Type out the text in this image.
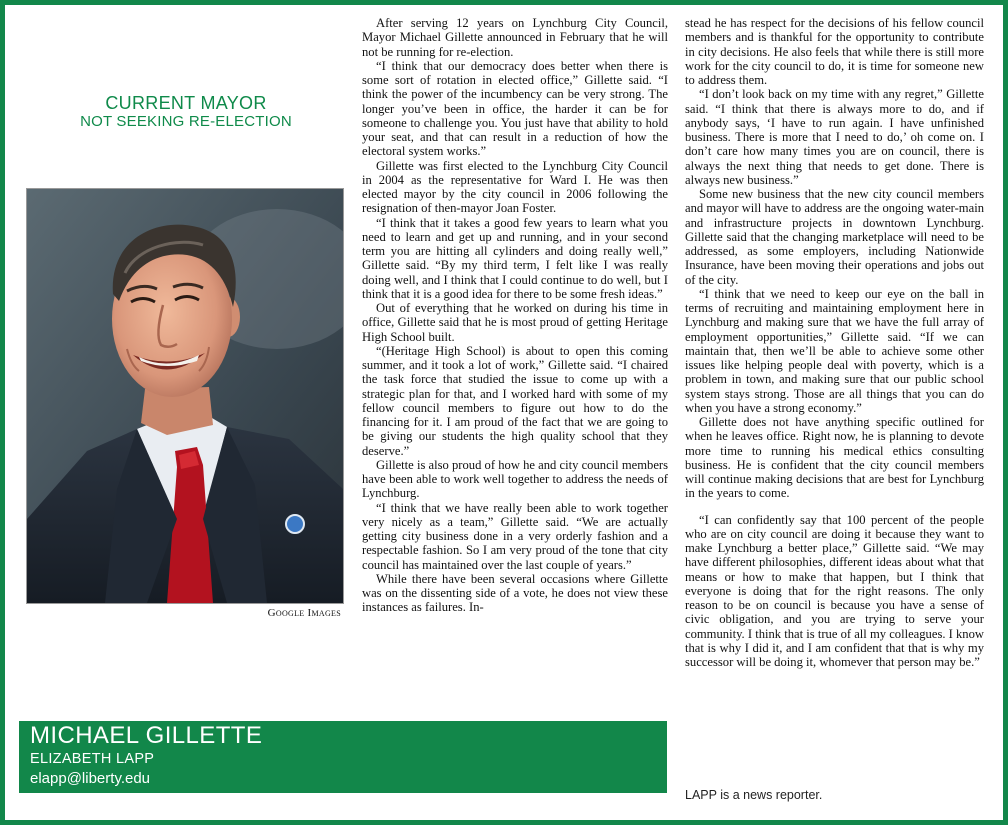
CURRENT MAYOR
NOT SEEKING RE-ELECTION
Google Images
MICHAEL GILLETTE
ELIZABETH LAPP
elapp@liberty.edu

After serving 12 years on Lynchburg City Council, Mayor Michael Gillette announced in February that he will not be running for re-election.

“I think that our democracy does better when there is some sort of rotation in elected office,” Gillette said. “I think the power of the incumbency can be very strong. The longer you’ve been in office, the harder it can be for someone to challenge you. You just have that ability to hold your seat, and that can result in a reduction of how the electoral system works.”

Gillette was first elected to the Lynchburg City Council in 2004 as the representative for Ward I. He was then elected mayor by the city council in 2006 following the resignation of then-mayor Joan Foster.

“I think that it takes a good few years to learn what you need to learn and get up and running, and in your second term you are hitting all cylinders and doing really well,” Gillette said. “By my third term, I felt like I was really doing well, and I think that I could continue to do well, but I think that it is a good idea for there to be some fresh ideas.”

Out of everything that he worked on during his time in office, Gillette said that he is most proud of getting Heritage High School built.

“(Heritage High School) is about to open this coming summer, and it took a lot of work,” Gillette said. “I chaired the task force that studied the issue to come up with a strategic plan for that, and I worked hard with some of my fellow council members to figure out how to do the financing for it. I am proud of the fact that we are going to be giving our students the high quality school that they deserve.”

Gillette is also proud of how he and city council members have been able to work well together to address the needs of Lynchburg.

“I think that we have really been able to work together very nicely as a team,” Gillette said. “We are actually getting city business done in a very orderly fashion and a respectable fashion. So I am very proud of the tone that city council has maintained over the last couple of years.”

While there have been several occasions where Gillette was on the dissenting side of a vote, he does not view these instances as failures. In-

stead he has respect for the decisions of his fellow council members and is thankful for the opportunity to contribute in city decisions. He also feels that while there is still more work for the city council to do, it is time for someone new to address them.

“I don’t look back on my time with any regret,” Gillette said. “I think that there is always more to do, and if anybody says, ‘I have to run again. I have unfinished business. There is more that I need to do,’ oh come on. I don’t care how many times you are on council, there is always the next thing that needs to get done. There is always new business.”

Some new business that the new city council members and mayor will have to address are the ongoing water-main and infrastructure projects in downtown Lynchburg. Gillette said that the changing marketplace will need to be addressed, as some employers, including Nationwide Insurance, have been moving their operations and jobs out of the city.

“I think that we need to keep our eye on the ball in terms of recruiting and maintaining employment here in Lynchburg and making sure that we have the full array of employment opportunities,” Gillette said. “If we can maintain that, then we’ll be able to achieve some other issues like helping people deal with poverty, which is a problem in town, and making sure that our public school system stays strong. Those are all things that you can do when you have a strong economy.”

Gillette does not have anything specific outlined for when he leaves office. Right now, he is planning to devote more time to running his medical ethics consulting business. He is confident that the city council members will continue making decisions that are best for Lynchburg in the years to come.

“I can confidently say that 100 percent of the people who are on city council are doing it because they want to make Lynchburg a better place,” Gillette said. “We may have different philosophies, different ideas about what that means or how to make that happen, but I think that everyone is doing that for the right reasons. The only reason to be on council is because you have a sense of civic obligation, and you are trying to serve your community. I think that is true of all my colleagues. I know that is why I did it, and I am confident that that is why my successor will be doing it, whomever that person may be.”

LAPP is a news reporter.
